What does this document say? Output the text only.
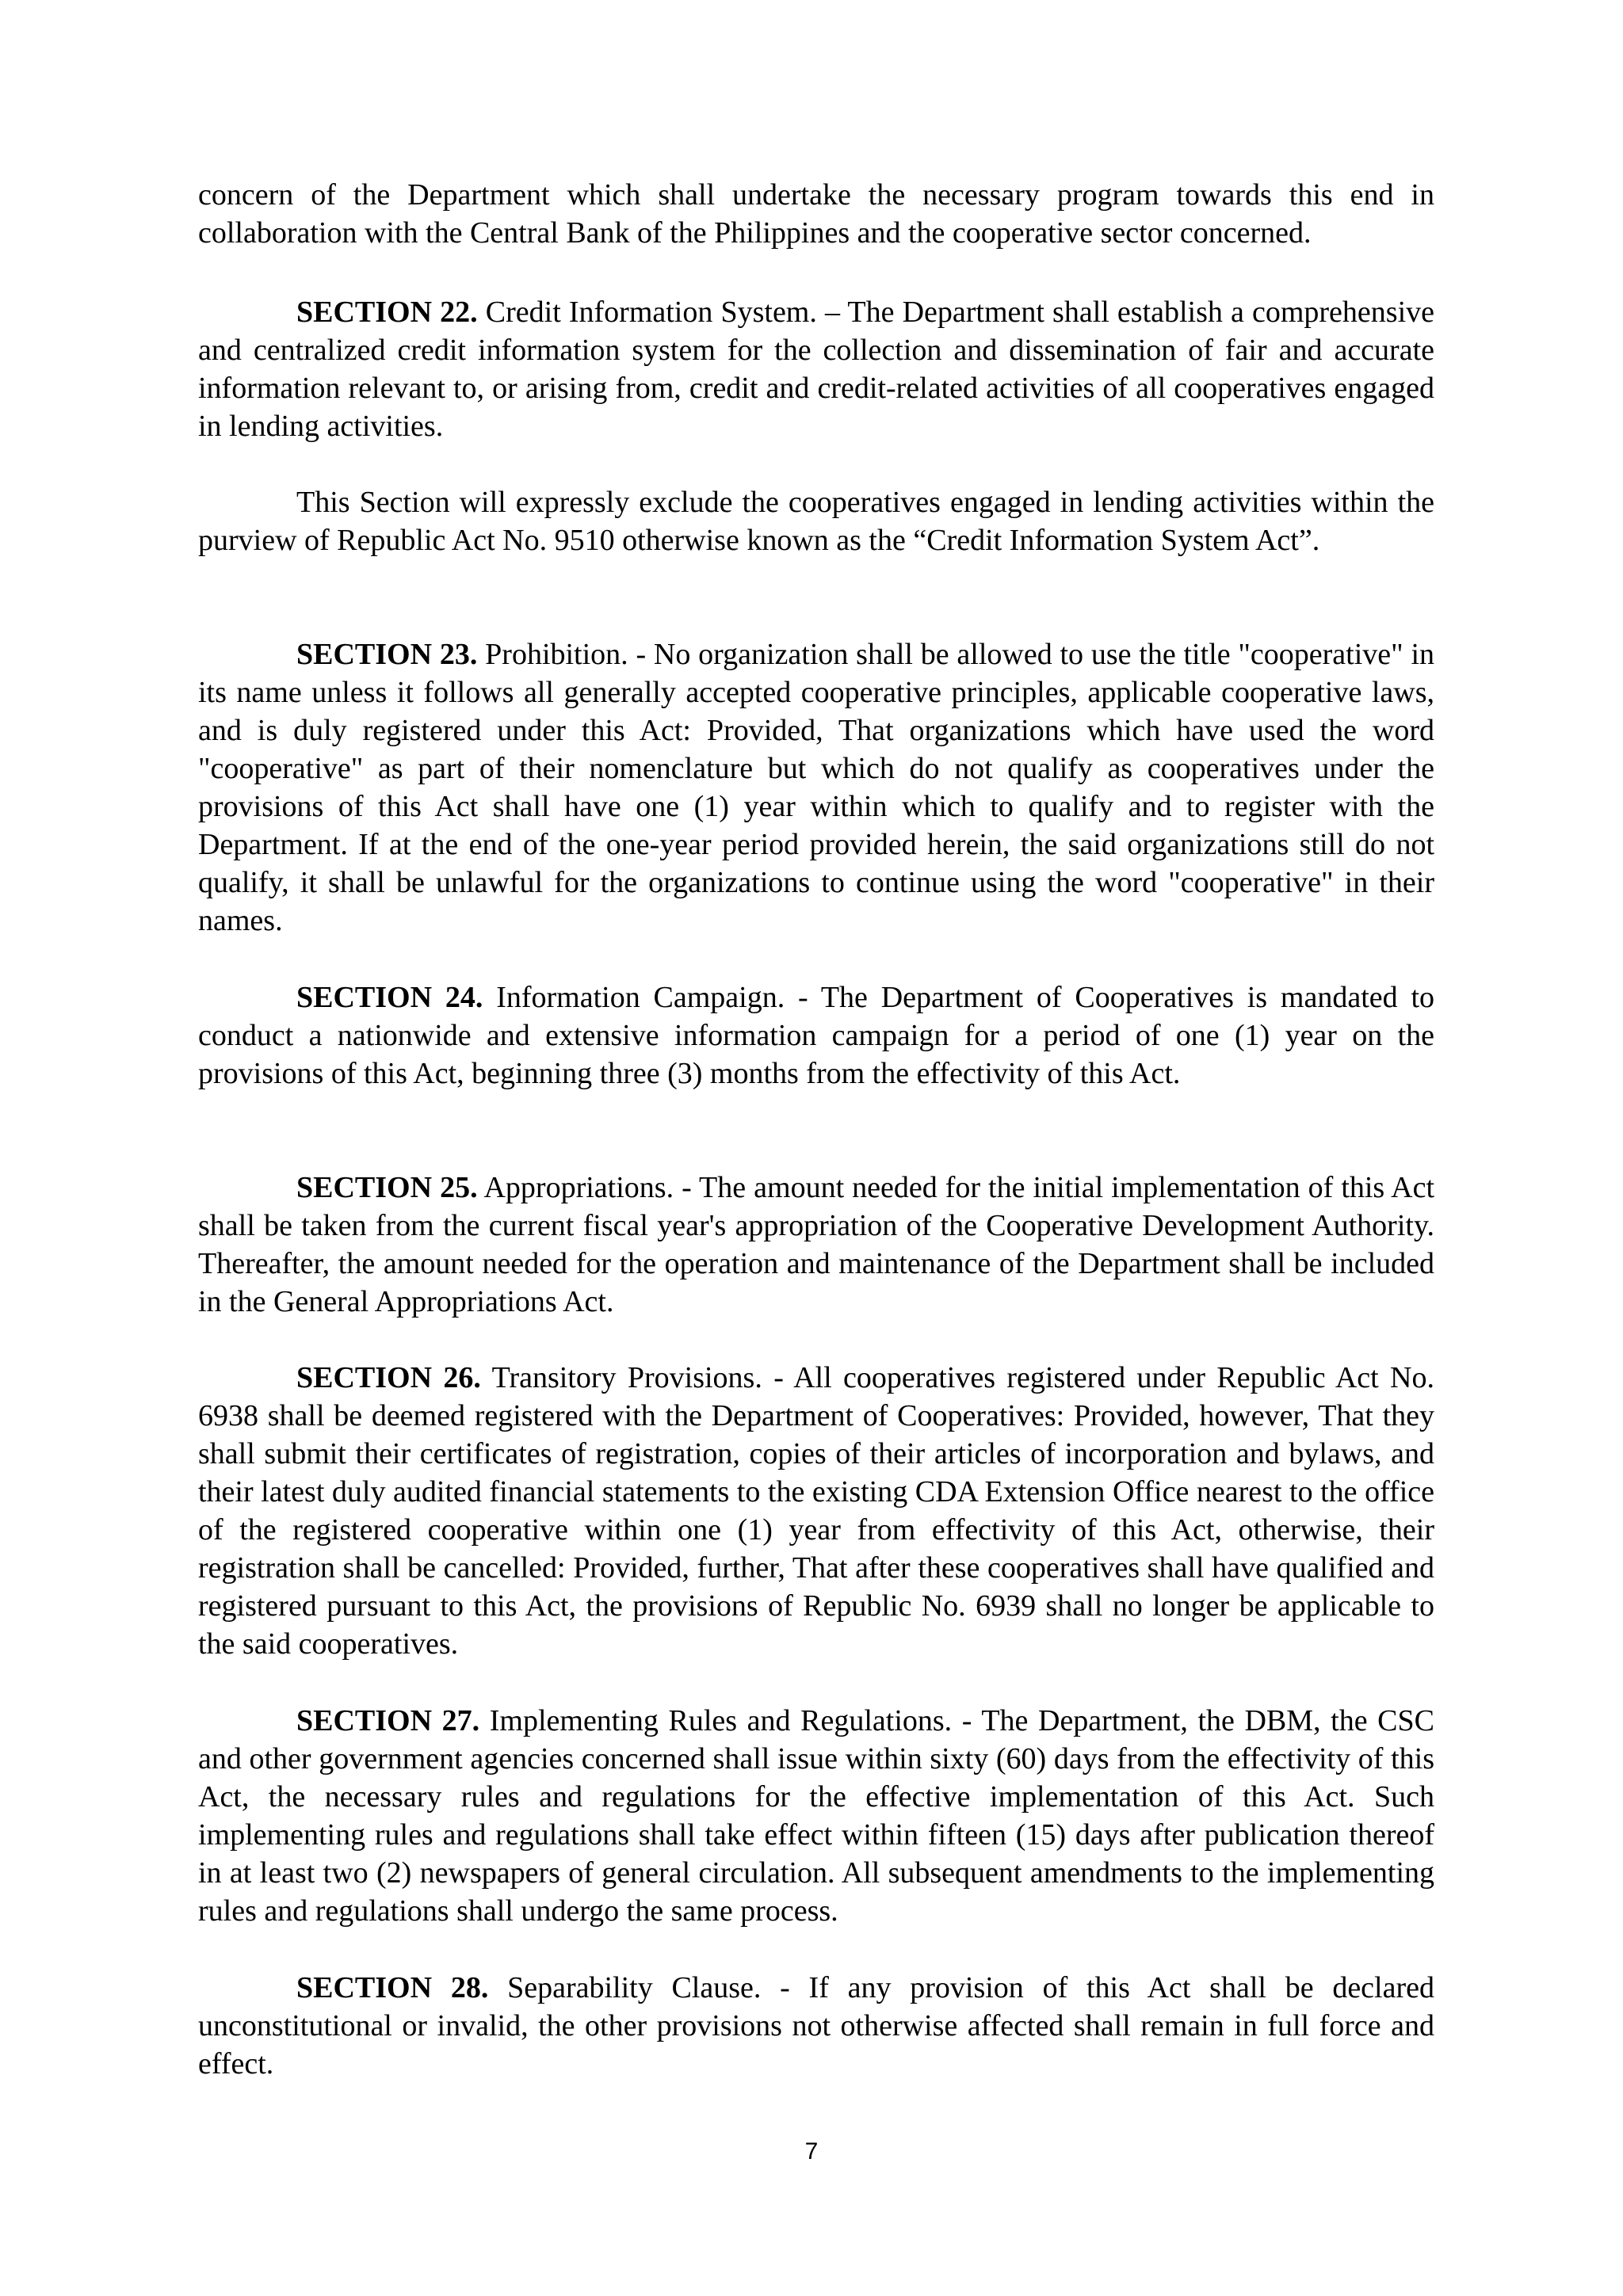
concern of the Department which shall undertake the necessary program towards this end in collaboration with the Central Bank of the Philippines and the cooperative sector concerned.

SECTION 22. Credit Information System. – The Department shall establish a comprehensive and centralized credit information system for the collection and dissemination of fair and accurate information relevant to, or arising from, credit and credit-related activities of all cooperatives engaged in lending activities.

This Section will expressly exclude the cooperatives engaged in lending activities within the purview of Republic Act No. 9510 otherwise known as the “Credit Information System Act”.

SECTION 23. Prohibition. - No organization shall be allowed to use the title "cooperative" in its name unless it follows all generally accepted cooperative principles, applicable cooperative laws, and is duly registered under this Act: Provided, That organizations which have used the word "cooperative" as part of their nomenclature but which do not qualify as cooperatives under the provisions of this Act shall have one (1) year within which to qualify and to register with the Department. If at the end of the one-year period provided herein, the said organizations still do not qualify, it shall be unlawful for the organizations to continue using the word "cooperative" in their names.

SECTION 24. Information Campaign. - The Department of Cooperatives is mandated to conduct a nationwide and extensive information campaign for a period of one (1) year on the provisions of this Act, beginning three (3) months from the effectivity of this Act.

SECTION 25. Appropriations. - The amount needed for the initial implementation of this Act shall be taken from the current fiscal year's appropriation of the Cooperative Development Authority. Thereafter, the amount needed for the operation and maintenance of the Department shall be included in the General Appropriations Act.

SECTION 26. Transitory Provisions. - All cooperatives registered under Republic Act No. 6938 shall be deemed registered with the Department of Cooperatives: Provided, however, That they shall submit their certificates of registration, copies of their articles of incorporation and bylaws, and their latest duly audited financial statements to the existing CDA Extension Office nearest to the office of the registered cooperative within one (1) year from effectivity of this Act, otherwise, their registration shall be cancelled: Provided, further, That after these cooperatives shall have qualified and registered pursuant to this Act, the provisions of Republic No. 6939 shall no longer be applicable to the said cooperatives.

SECTION 27. Implementing Rules and Regulations. - The Department, the DBM, the CSC and other government agencies concerned shall issue within sixty (60) days from the effectivity of this Act, the necessary rules and regulations for the effective implementation of this Act. Such implementing rules and regulations shall take effect within fifteen (15) days after publication thereof in at least two (2) newspapers of general circulation. All subsequent amendments to the implementing rules and regulations shall undergo the same process.

SECTION 28. Separability Clause. - If any provision of this Act shall be declared unconstitutional or invalid, the other provisions not otherwise affected shall remain in full force and effect.

7
